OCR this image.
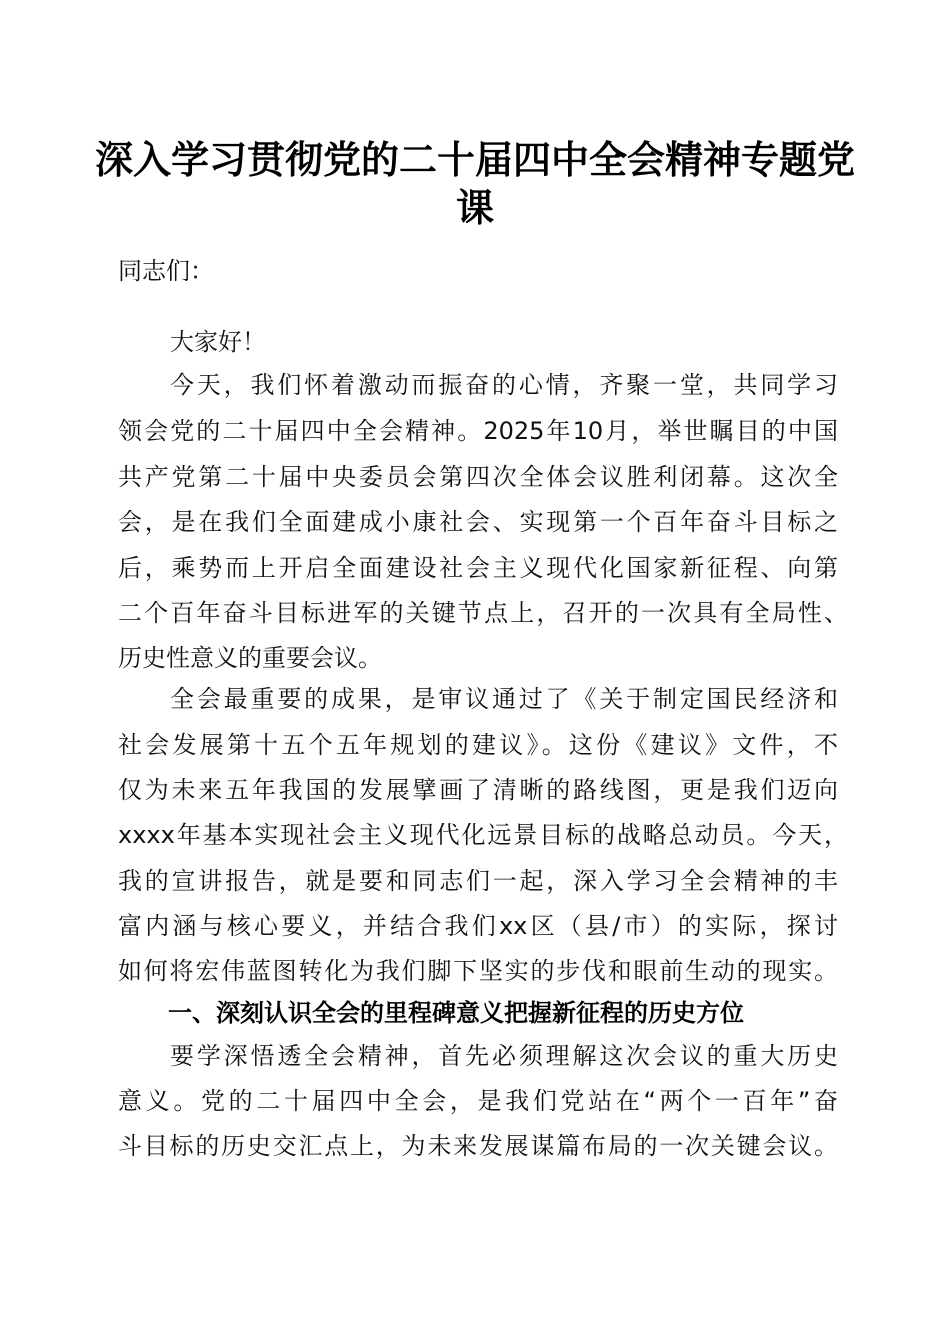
深入学习贯彻党的二十届四中全会精神专题党
课
同志们：
大家好！
今天，我们怀着激动而振奋的心情，齐聚一堂，共同学习
领会党的二十届四中全会精神。2025年10月，举世瞩目的中国
共产党第二十届中央委员会第四次全体会议胜利闭幕。这次全
会，是在我们全面建成小康社会、实现第一个百年奋斗目标之
后，乘势而上开启全面建设社会主义现代化国家新征程、向第
二个百年奋斗目标进军的关键节点上，召开的一次具有全局性、
历史性意义的重要会议。
全会最重要的成果，是审议通过了《关于制定国民经济和
社会发展第十五个五年规划的建议》。这份《建议》文件，不
仅为未来五年我国的发展擘画了清晰的路线图，更是我们迈向
xxxx年基本实现社会主义现代化远景目标的战略总动员。今天，
我的宣讲报告，就是要和同志们一起，深入学习全会精神的丰
富内涵与核心要义，并结合我们xx区（县/市）的实际，探讨
如何将宏伟蓝图转化为我们脚下坚实的步伐和眼前生动的现实。
一、深刻认识全会的里程碑意义把握新征程的历史方位
要学深悟透全会精神，首先必须理解这次会议的重大历史
意义。党的二十届四中全会，是我们党站在“两个一百年”奋
斗目标的历史交汇点上，为未来发展谋篇布局的一次关键会议。
